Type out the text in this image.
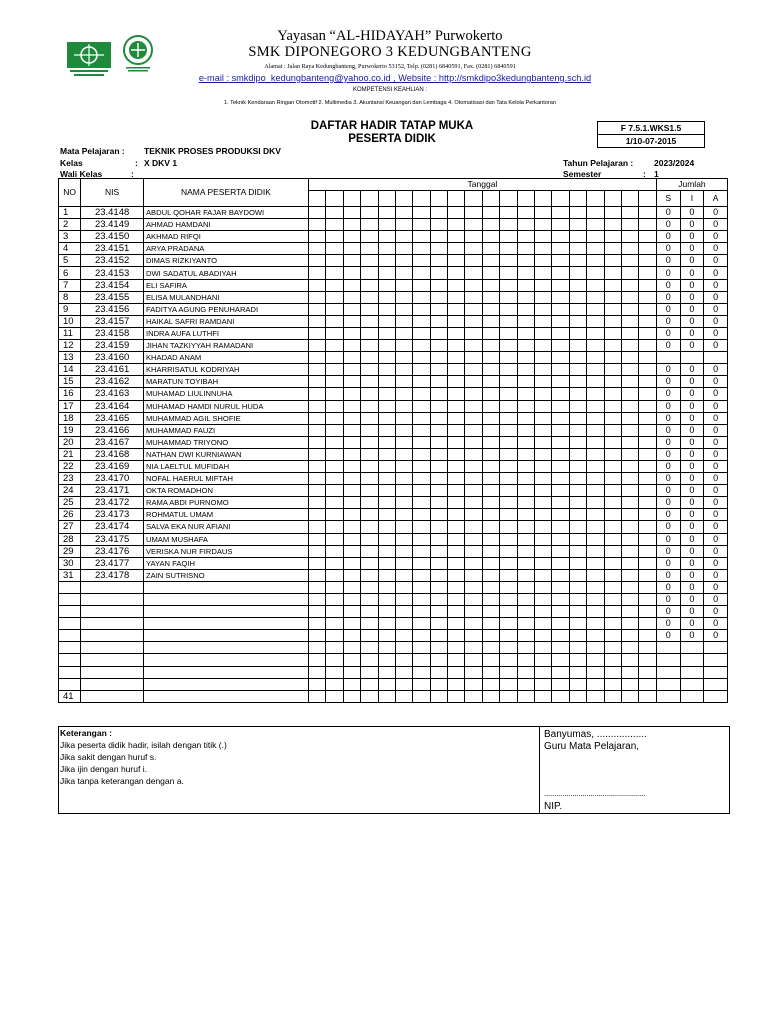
Yayasan “AL-HIDAYAH” Purwokerto
SMK DIPONEGORO 3 KEDUNGBANTENG
Alamat : Jalan Raya Kedungbanteng, Purwokerto 53152, Telp. (0281) 6840591, Fax. (0281) 6840591
e-mail : smkdipo_kedungbanteng@yahoo.co.id , Website : http://smkdipo3kedungbanteng.sch.id
KOMPETENSI KEAHLIAN :
1. Teknik Kendaraan Ringan Otomotif 2. Multimedia 3. Akuntansi Keuangan dan Lembaga 4. Otomatisasi dan Tata Kelola Perkantoran
DAFTAR HADIR TATAP MUKA
PESERTA DIDIK
F 7.5.1.WKS1.5
1/10-07-2015
Mata Pelajaran : TEKNIK PROSES PRODUKSI DKV
Kelas	: X DKV 1
Wali Kelas	:
Tahun Pelajaran : 2023/2024
Semester	: 1
NO	NIS	NAMA PESERTA DIDIK	Tanggal																				Jumlah		

																							S	I	A
1	23.4148	ABDUL QOHAR FAJAR BAYDOWI																					0	0	0
2	23.4149	AHMAD HAMDANI																					0	0	0
3	23.4150	AKHMAD RIFQI																					0	0	0
4	23.4151	ARYA PRADANA																					0	0	0
5	23.4152	DIMAS RIZKIYANTO																					0	0	0
6	23.4153	DWI SADATUL ABADIYAH																					0	0	0
7	23.4154	ELI SAFIRA																					0	0	0
8	23.4155	ELISA MULANDHANI																					0	0	0
9	23.4156	FADITYA AGUNG PENUHARADI																					0	0	0
10	23.4157	HAIKAL SAFRI RAMDANI																					0	0	0
11	23.4158	INDRA AUFA LUTHFI																					0	0	0
12	23.4159	JIHAN TAZKIYYAH RAMADANI																					0	0	0
13	23.4160	KHADAD ANAM																							
14	23.4161	KHARRISATUL KODRIYAH																					0	0	0
15	23.4162	MARATUN TOYIBAH																					0	0	0
16	23.4163	MUHAMAD LIULINNUHA																					0	0	0
17	23.4164	MUHAMAD HAMDI NURUL HUDA																					0	0	0
18	23.4165	MUHAMMAD AGIL SHOFIE																					0	0	0
19	23.4166	MUHAMMAD FAUZI																					0	0	0
20	23.4167	MUHAMMAD TRIYONO																					0	0	0
21	23.4168	NATHAN DWI KURNIAWAN																					0	0	0
22	23.4169	NIA LAELTUL MUFIDAH																					0	0	0
23	23.4170	NOFAL HAERUL MIFTAH																					0	0	0
24	23.4171	OKTA ROMADHON																					0	0	0
25	23.4172	RAMA ABDI PURNOMO																					0	0	0
26	23.4173	ROHMATUL UMAM																					0	0	0
27	23.4174	SALVA EKA NUR AFIANI																					0	0	0
28	23.4175	UMAM MUSHAFA																					0	0	0
29	23.4176	VERISKA NUR FIRDAUS																					0	0	0
30	23.4177	YAYAN FAQIH																					0	0	0
31	23.4178	ZAIN SUTRISNO																					0	0	0
																							0	0	0
																							0	0	0
																							0	0	0
																							0	0	0
																							0	0	0

41																									
Keterangan :
Jika peserta didik hadir, isilah dengan titik (.)
Jika sakit dengan huruf s.
Jika ijin dengan huruf i.
Jika tanpa keterangan dengan a.
Banyumas, ..................
Guru Mata Pelajaran,
..................................................
NIP.
